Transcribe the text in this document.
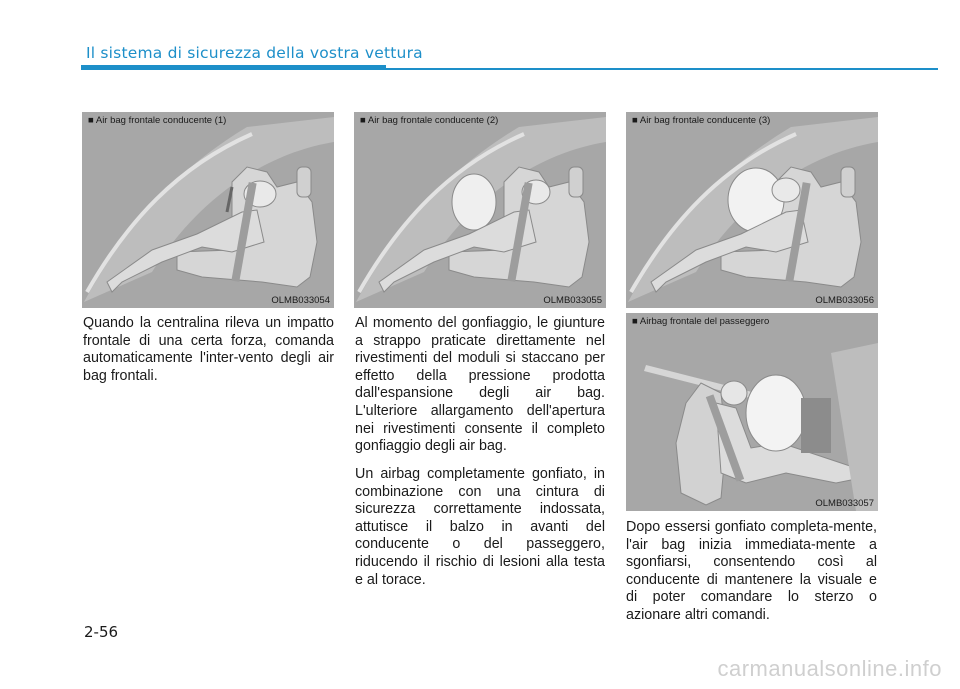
Il sistema di sicurezza della vostra vettura
■ Air bag frontale conducente (1)
OLMB033054
■ Air bag frontale conducente (2)
OLMB033055
■ Air bag frontale conducente (3)
OLMB033056
■ Airbag frontale del passeggero
OLMB033057

Quando la centralina rileva un impatto frontale di una certa forza, comanda automaticamente l'inter-vento degli air bag frontali.

Al momento del gonfiaggio, le giunture a strappo praticate direttamente nel rivestimenti del moduli si staccano per effetto della pressione prodotta dall'espansione degli air bag. L'ulteriore allargamento dell'apertura nei rivestimenti consente il completo gonfiaggio degli air bag.

Un airbag completamente gonfiato, in combinazione con una cintura di sicurezza correttamente indossata, attutisce il balzo in avanti del conducente o del passeggero, riducendo il rischio di lesioni alla testa e al torace.

Dopo essersi gonfiato completa-mente, l'air bag inizia immediata-mente a sgonfiarsi, consentendo così al conducente di mantenere la visuale e di poter comandare lo sterzo o azionare altri comandi.

2-56
carmanualsonline.info
